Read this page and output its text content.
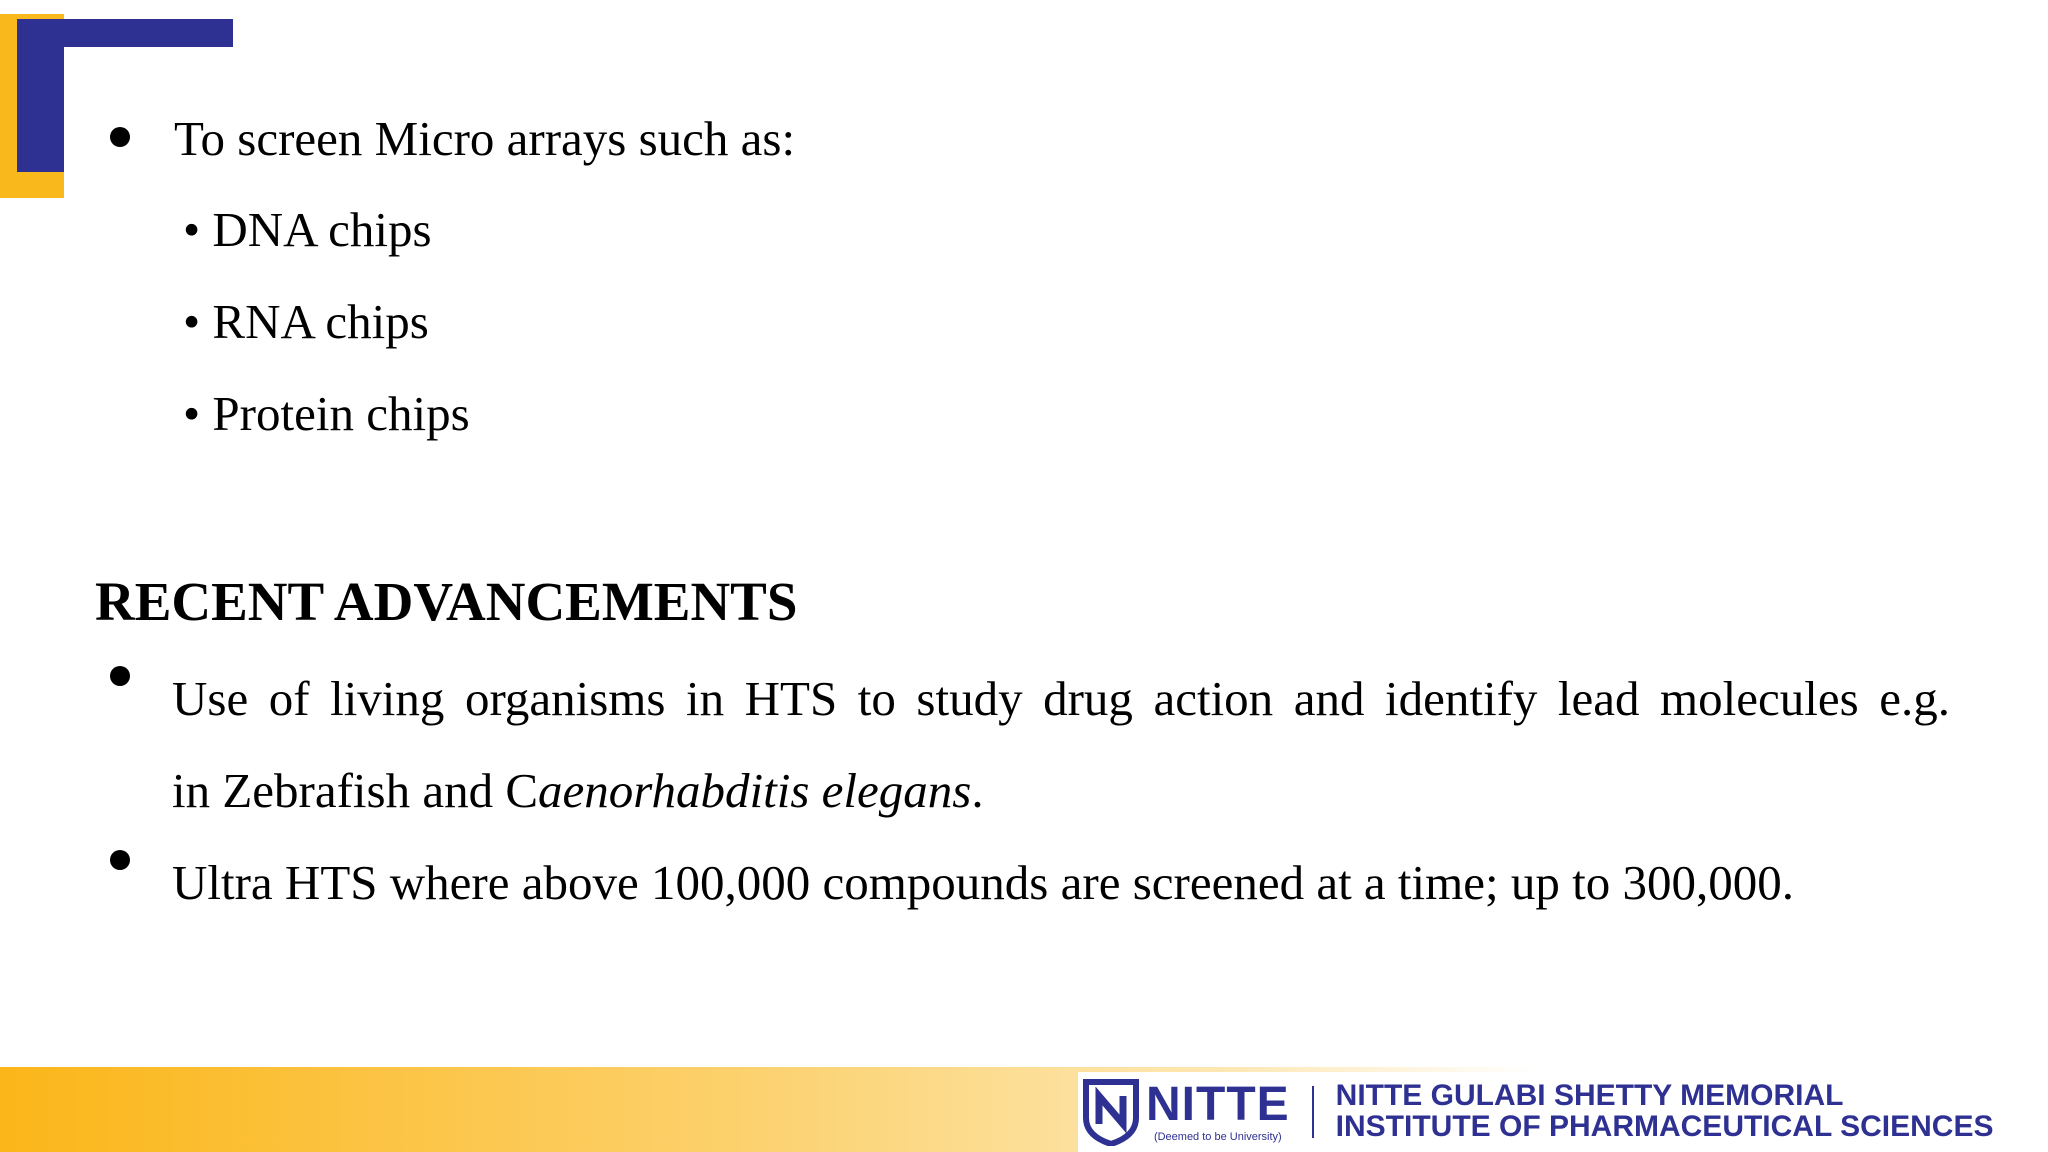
To screen Micro arrays such as:
• DNA chips
• RNA chips
• Protein chips
RECENT ADVANCEMENTS
Use of living organisms in HTS to study drug action and identify lead molecules e.g.
in Zebrafish and Caenorhabditis elegans.
Ultra HTS where above 100,000 compounds are screened at a time; up to 300,000.
NITTE
(Deemed to be University)
NITTE GULABI SHETTY MEMORIAL
INSTITUTE OF PHARMACEUTICAL SCIENCES
